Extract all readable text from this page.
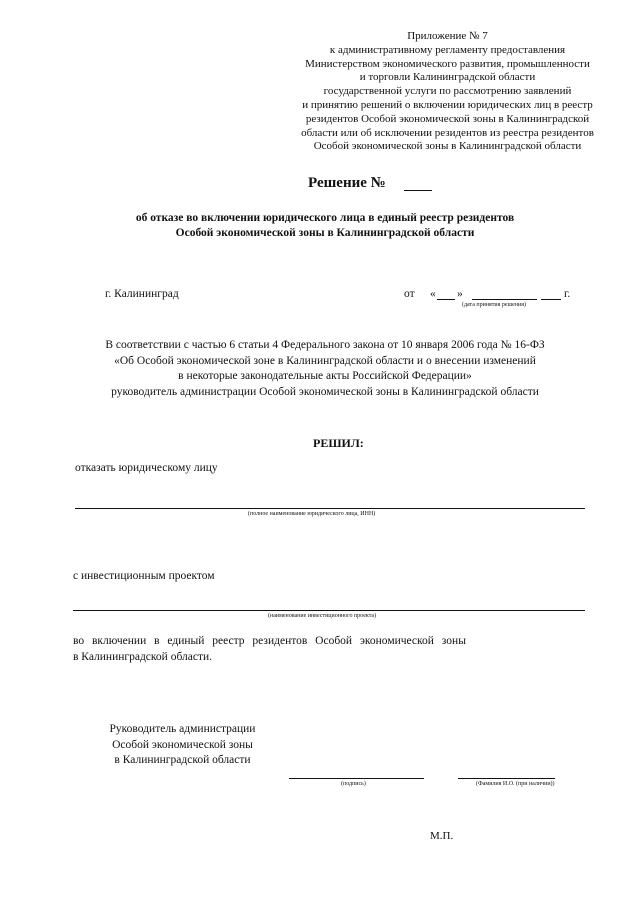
Приложение № 7
к административному регламенту предоставления
Министерством экономического развития, промышленности
и торговли Калининградской области
государственной услуги по рассмотрению заявлений
и принятию решений о включении юридических лиц в реестр
резидентов Особой экономической зоны в Калининградской
области или об исключении резидентов из реестра резидентов
Особой экономической зоны в Калининградской области
Решение №
об отказе во включении юридического лица в единый реестр резидентов
Особой экономической зоны в Калининградской области
г. Калининград	от « »	г.
(дата принятия решения)
В соответствии с частью 6 статьи 4 Федерального закона от 10 января 2006 года № 16-ФЗ
«Об Особой экономической зоне в Калининградской области и о внесении изменений
в некоторые законодательные акты Российской Федерации»
руководитель администрации Особой экономической зоны в Калининградской области
РЕШИЛ:
отказать юридическому лицу
(полное наименование юридического лица, ИНН)
с инвестиционным проектом
(наименование инвестиционного проекта)
во включении в единый реестр резидентов Особой экономической зоны
в Калининградской области.
Руководитель администрации
Особой экономической зоны
в Калининградской области
(подпись)	(Фамилия И.О. (при наличии))
М.П.
